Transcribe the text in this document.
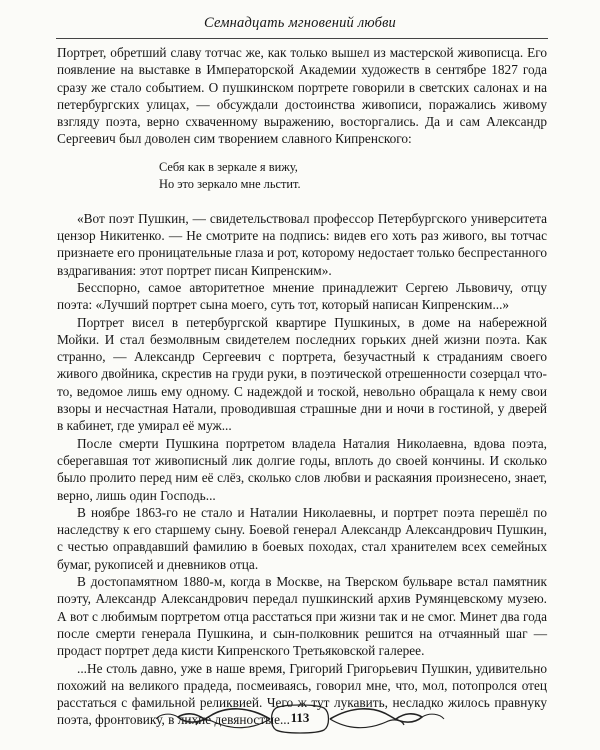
Семнадцать мгновений любви

Портрет, обретший славу тотчас же, как только вышел из мастерской живописца. Его появление на выставке в Императорской Академии художеств в сентябре 1827 года сразу же стало событием. О пушкинском портрете говорили в светских салонах и на петербургских улицах, — обсуждали достоинства живописи, поражались живому взгляду поэта, верно схваченному выражению, восторгались. Да и сам Александр Сергеевич был доволен сим творением славного Кипренского:

Себя как в зеркале я вижу,
Но это зеркало мне льстит.

«Вот поэт Пушкин, — свидетельствовал профессор Петербургского университета цензор Никитенко. — Не смотрите на подпись: видев его хоть раз живого, вы тотчас признаете его проницательные глаза и рот, которому недостает только беспрестанного вздрагивания: этот портрет писан Кипренским».

Бесспорно, самое авторитетное мнение принадлежит Сергею Львовичу, отцу поэта: «Лучший портрет сына моего, суть тот, который написан Кипренским...»

Портрет висел в петербургской квартире Пушкиных, в доме на набережной Мойки. И стал безмолвным свидетелем последних горьких дней жизни поэта. Как странно, — Александр Сергеевич с портрета, безучастный к страданиям своего живого двойника, скрестив на груди руки, в поэтической отрешенности созерцал что-то, ведомое лишь ему одному. С надеждой и тоской, невольно обращала к нему свои взоры и несчастная Натали, проводившая страшные дни и ночи в гостиной, у дверей в кабинет, где умирал её муж...

После смерти Пушкина портретом владела Наталия Николаевна, вдова поэта, сберегавшая тот живописный лик долгие годы, вплоть до своей кончины. И сколько было пролито перед ним её слёз, сколько слов любви и раскаяния произнесено, знает, верно, лишь один Господь...

В ноябре 1863-го не стало и Наталии Николаевны, и портрет поэта перешёл по наследству к его старшему сыну. Боевой генерал Александр Александрович Пушкин, с честью оправдавший фамилию в боевых походах, стал хранителем всех семейных бумаг, рукописей и дневников отца.

В достопамятном 1880-м, когда в Москве, на Тверском бульваре встал памятник поэту, Александр Александрович передал пушкинский архив Румянцевскому музею. А вот с любимым портретом отца расстаться при жизни так и не смог. Минет два года после смерти генерала Пушкина, и сын-полковник решится на отчаянный шаг — продаст портрет деда кисти Кипренского Третьяковской галерее.

...Не столь давно, уже в наше время, Григорий Григорьевич Пушкин, удивительно похожий на великого прадеда, посмеиваясь, говорил мне, что, мол, потопролся отец расстаться с фамильной реликвией. Чего ж тут лукавить, несладко жилось правнуку поэта, фронтовику, в лихие девяностые... 113
